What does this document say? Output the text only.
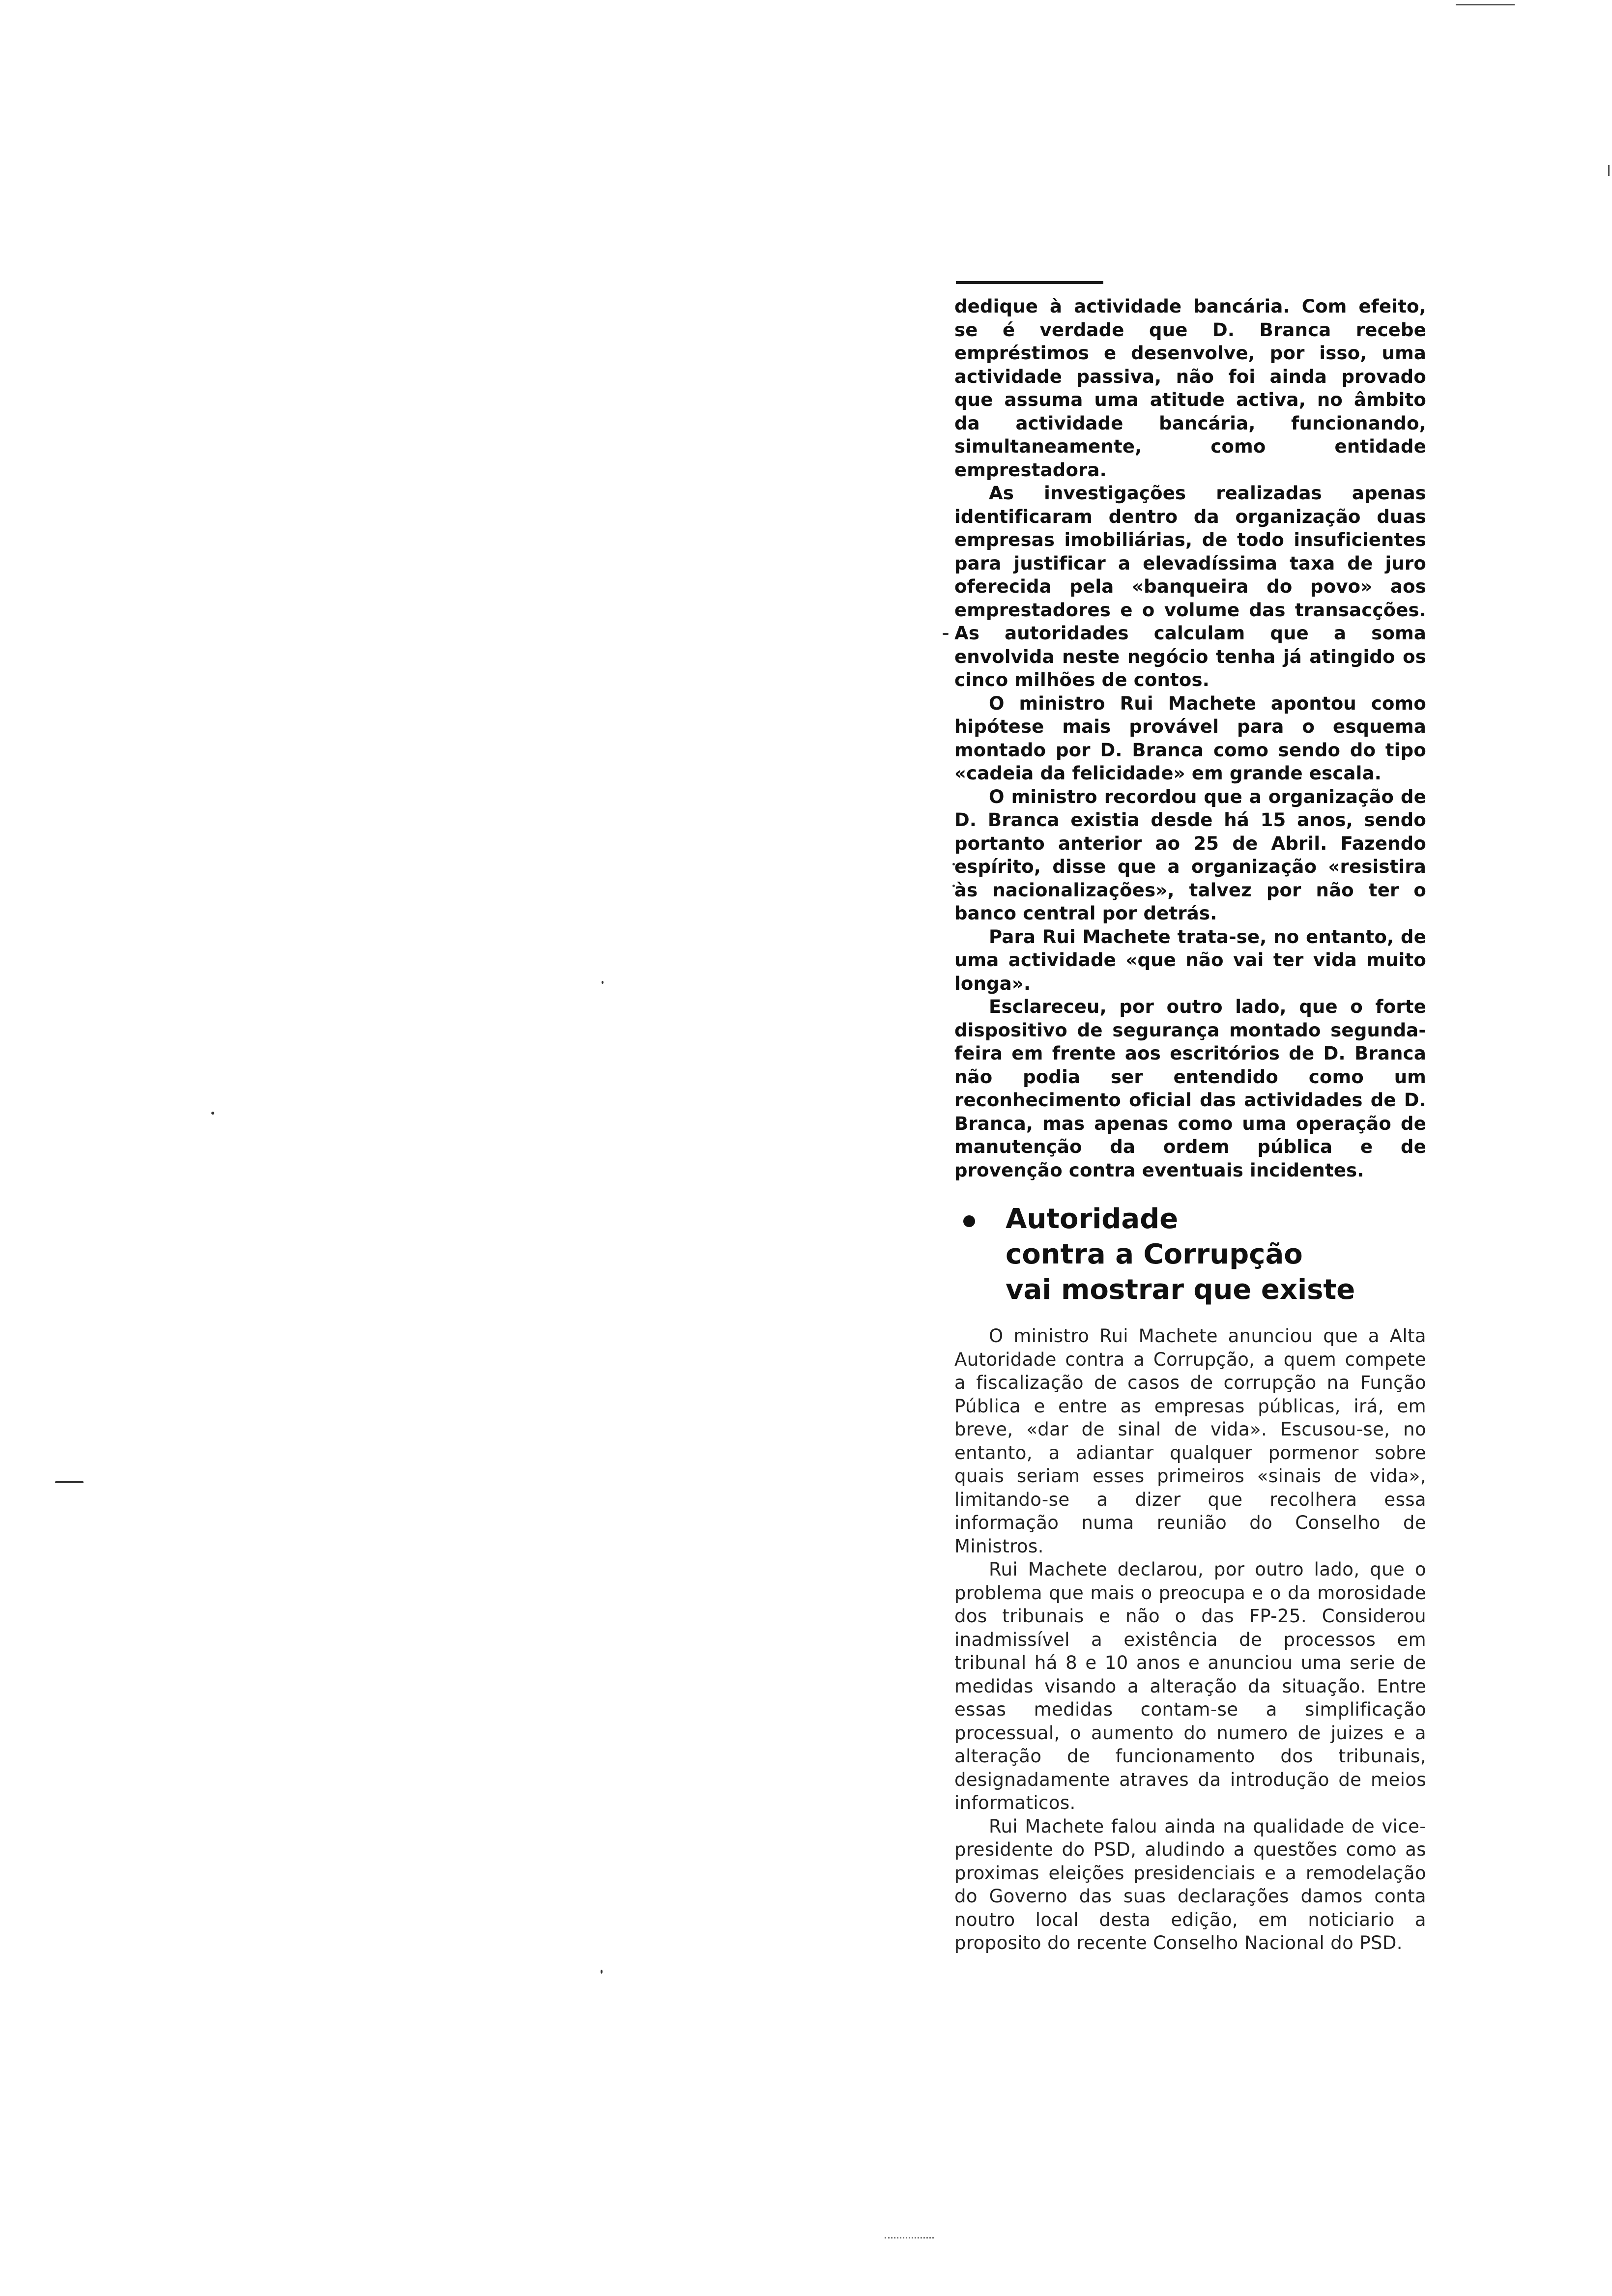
dedique à actividade bancária. Com efeito, se é verdade que D. Branca recebe empréstimos e desenvolve, por isso, uma actividade passiva, não foi ainda provado que assuma uma atitude activa, no âmbito da actividade bancária, funcionando, simultaneamente, como entidade emprestadora.

As investigações realizadas apenas identificaram dentro da organização duas empresas imobiliárias, de todo insuficientes para justificar a elevadíssima taxa de juro oferecida pela «banqueira do povo» aos emprestadores e o volume das transacções. As autoridades calculam que a soma envolvida neste negócio tenha já atingido os cinco milhões de contos.

O ministro Rui Machete apontou como hipótese mais provável para o esquema montado por D. Branca como sendo do tipo «cadeia da felicidade» em grande escala.

O ministro recordou que a organização de D. Branca existia desde há 15 anos, sendo portanto anterior ao 25 de Abril. Fazendo espírito, disse que a organização «resistira às nacionalizações», talvez por não ter o banco central por detrás.

Para Rui Machete trata-se, no entanto, de uma actividade «que não vai ter vida muito longa».

Esclareceu, por outro lado, que o forte dispositivo de segurança montado segunda-feira em frente aos escritórios de D. Branca não podia ser entendido como um reconhecimento oficial das actividades de D. Branca, mas apenas como uma operação de manutenção da ordem pública e de provenção contra eventuais incidentes.

Autoridade
contra a Corrupção
vai mostrar que existe

O ministro Rui Machete anunciou que a Alta Autoridade contra a Corrupção, a quem compete a fiscalização de casos de corrupção na Função Pública e entre as empresas públicas, irá, em breve, «dar de sinal de vida». Escusou-se, no entanto, a adiantar qualquer pormenor sobre quais seriam esses primeiros «sinais de vida», limitando-se a dizer que recolhera essa informação numa reunião do Conselho de Ministros.

Rui Machete declarou, por outro lado, que o problema que mais o preocupa e o da morosidade dos tribunais e não o das FP-25. Considerou inadmissível a existência de processos em tribunal há 8 e 10 anos e anunciou uma serie de medidas visando a alteração da situação. Entre essas medidas contam-se a simplificação processual, o aumento do numero de juizes e a alteração de funcionamento dos tribunais, designadamente atraves da introdução de meios informaticos.

Rui Machete falou ainda na qualidade de vice-presidente do PSD, aludindo a questões como as proximas eleições presidenciais e a remodelação do Governo das suas declarações damos conta noutro local desta edição, em noticiario a proposito do recente Conselho Nacional do PSD.
